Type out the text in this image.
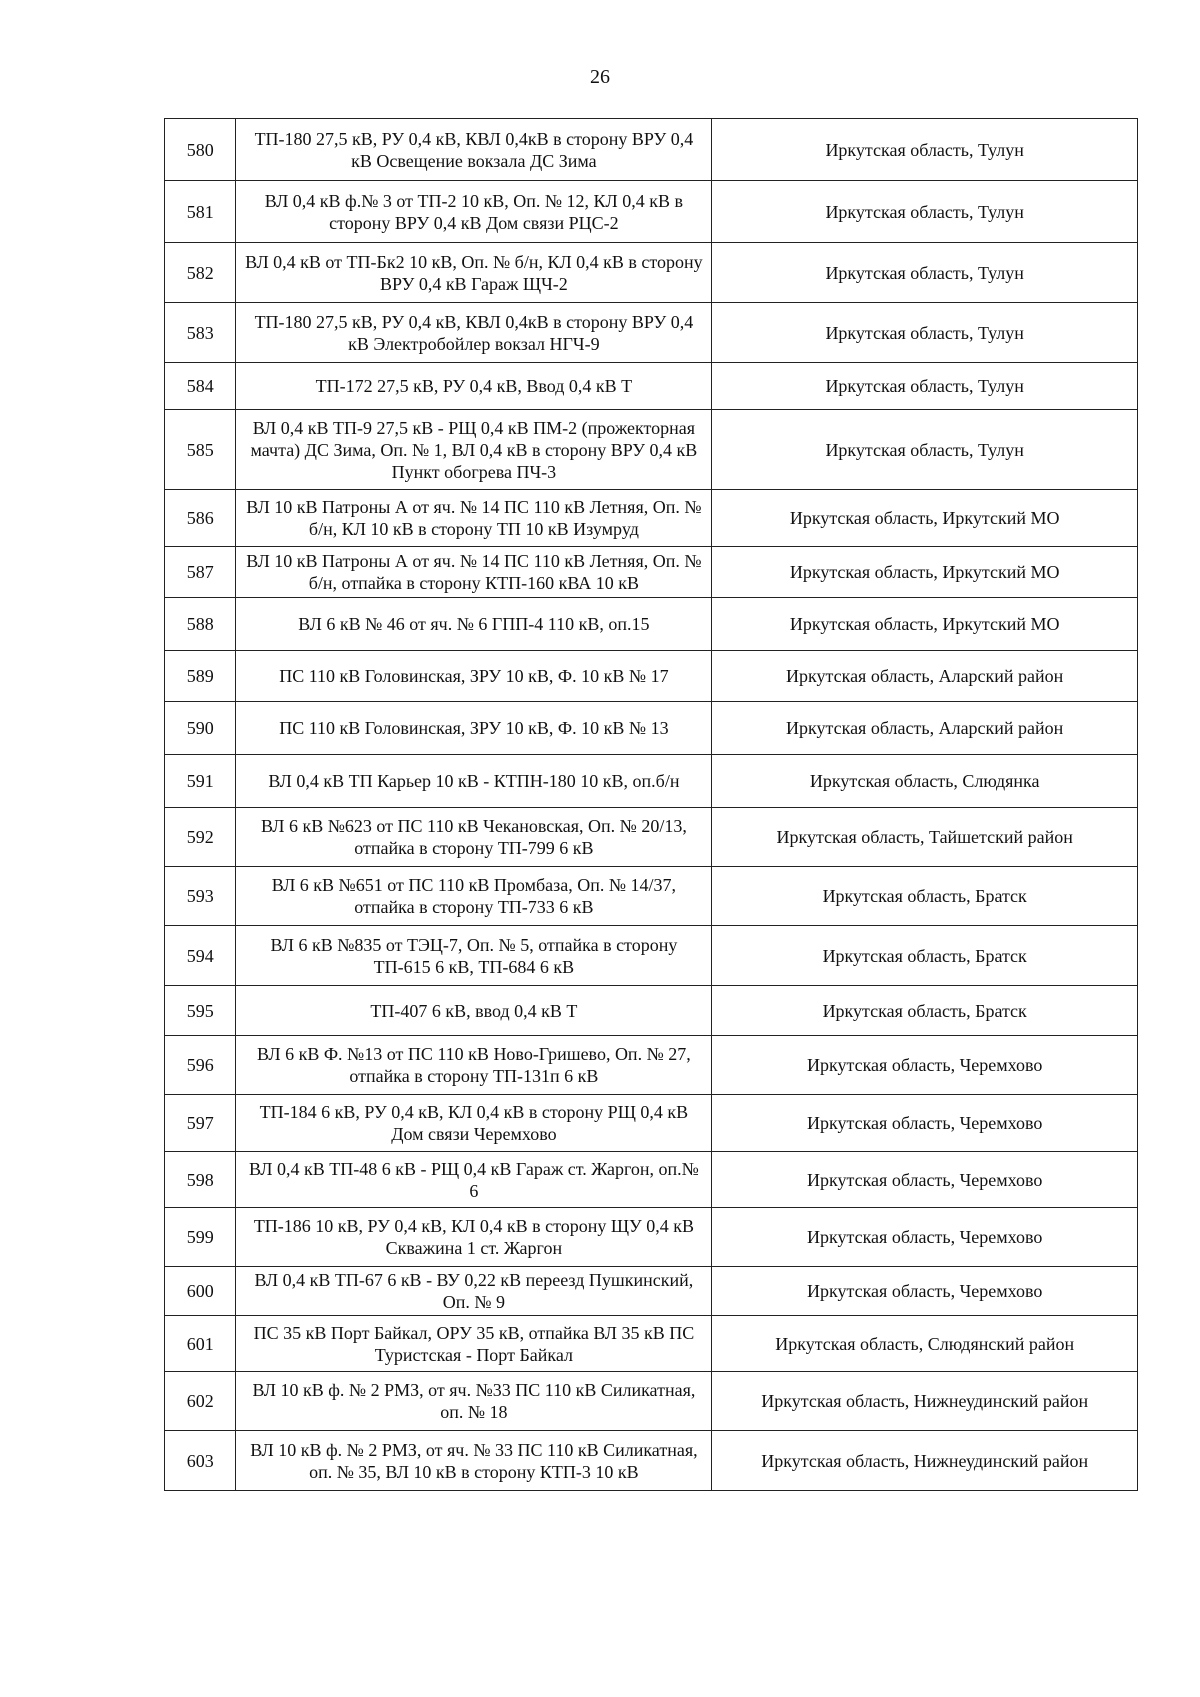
26
580	ТП-180 27,5 кВ, РУ 0,4 кВ, КВЛ 0,4кВ в сторону ВРУ 0,4 кВ Освещение вокзала ДС Зима	Иркутская область, Тулун
581	ВЛ 0,4 кВ ф.№ 3 от ТП-2 10 кВ, Оп. № 12, КЛ 0,4 кВ в сторону ВРУ 0,4 кВ Дом связи РЦС-2	Иркутская область, Тулун
582	ВЛ 0,4 кВ от ТП-Бк2 10 кВ, Оп. № б/н, КЛ 0,4 кВ в сторону ВРУ 0,4 кВ Гараж ЩЧ-2	Иркутская область, Тулун
583	ТП-180 27,5 кВ, РУ 0,4 кВ, КВЛ 0,4кВ в сторону ВРУ 0,4 кВ Электробойлер вокзал НГЧ-9	Иркутская область, Тулун
584	ТП-172 27,5 кВ, РУ 0,4 кВ, Ввод 0,4 кВ Т	Иркутская область, Тулун
585	ВЛ 0,4 кВ ТП-9 27,5 кВ - РЩ 0,4 кВ ПМ-2 (прожекторная мачта) ДС Зима, Оп. № 1, ВЛ 0,4 кВ в сторону ВРУ 0,4 кВ Пункт обогрева ПЧ-3	Иркутская область, Тулун
586	ВЛ 10 кВ Патроны А от яч. № 14 ПС 110 кВ Летняя, Оп. № б/н, КЛ 10 кВ в сторону ТП 10 кВ Изумруд	Иркутская область, Иркутский МО
587	ВЛ 10 кВ Патроны А от яч. № 14 ПС 110 кВ Летняя, Оп. № б/н, отпайка в сторону КТП-160 кВА 10 кВ	Иркутская область, Иркутский МО
588	ВЛ 6 кВ № 46 от яч. № 6 ГПП-4 110 кВ, оп.15	Иркутская область, Иркутский МО
589	ПС 110 кВ Головинская, ЗРУ 10 кВ, Ф. 10 кВ № 17	Иркутская область, Аларский район
590	ПС 110 кВ Головинская, ЗРУ 10 кВ, Ф. 10 кВ № 13	Иркутская область, Аларский район
591	ВЛ 0,4 кВ ТП Карьер 10 кВ - КТПН-180 10 кВ, оп.б/н	Иркутская область, Слюдянка
592	ВЛ 6 кВ №623 от ПС 110 кВ Чекановская, Оп. № 20/13, отпайка в сторону ТП-799 6 кВ	Иркутская область, Тайшетский район
593	ВЛ 6 кВ №651 от ПС 110 кВ Промбаза, Оп. № 14/37, отпайка в сторону ТП-733 6 кВ	Иркутская область, Братск
594	ВЛ 6 кВ №835 от ТЭЦ-7, Оп. № 5, отпайка в сторону ТП-615 6 кВ, ТП-684 6 кВ	Иркутская область, Братск
595	ТП-407 6 кВ, ввод 0,4 кВ Т	Иркутская область, Братск
596	ВЛ 6 кВ Ф. №13 от ПС 110 кВ Ново-Гришево, Оп. № 27, отпайка в сторону ТП-131п 6 кВ	Иркутская область, Черемхово
597	ТП-184 6 кВ, РУ 0,4 кВ, КЛ 0,4 кВ в сторону РЩ 0,4 кВ Дом связи Черемхово	Иркутская область, Черемхово
598	ВЛ 0,4 кВ ТП-48 6 кВ - РЩ 0,4 кВ Гараж ст. Жаргон, оп.№ 6	Иркутская область, Черемхово
599	ТП-186 10 кВ, РУ 0,4 кВ, КЛ 0,4 кВ в сторону ЩУ 0,4 кВ Скважина 1 ст. Жаргон	Иркутская область, Черемхово
600	ВЛ 0,4 кВ ТП-67 6 кВ - ВУ 0,22 кВ переезд Пушкинский, Оп. № 9	Иркутская область, Черемхово
601	ПС 35 кВ Порт Байкал, ОРУ 35 кВ, отпайка ВЛ 35 кВ ПС Туристская - Порт Байкал	Иркутская область, Слюдянский район
602	ВЛ 10 кВ ф. № 2 РМЗ, от яч. №33 ПС 110 кВ Силикатная, оп. № 18	Иркутская область, Нижнеудинский район
603	ВЛ 10 кВ ф. № 2 РМЗ, от яч. № 33 ПС 110 кВ Силикатная, оп. № 35, ВЛ 10 кВ в сторону КТП-3 10 кВ	Иркутская область, Нижнеудинский район
